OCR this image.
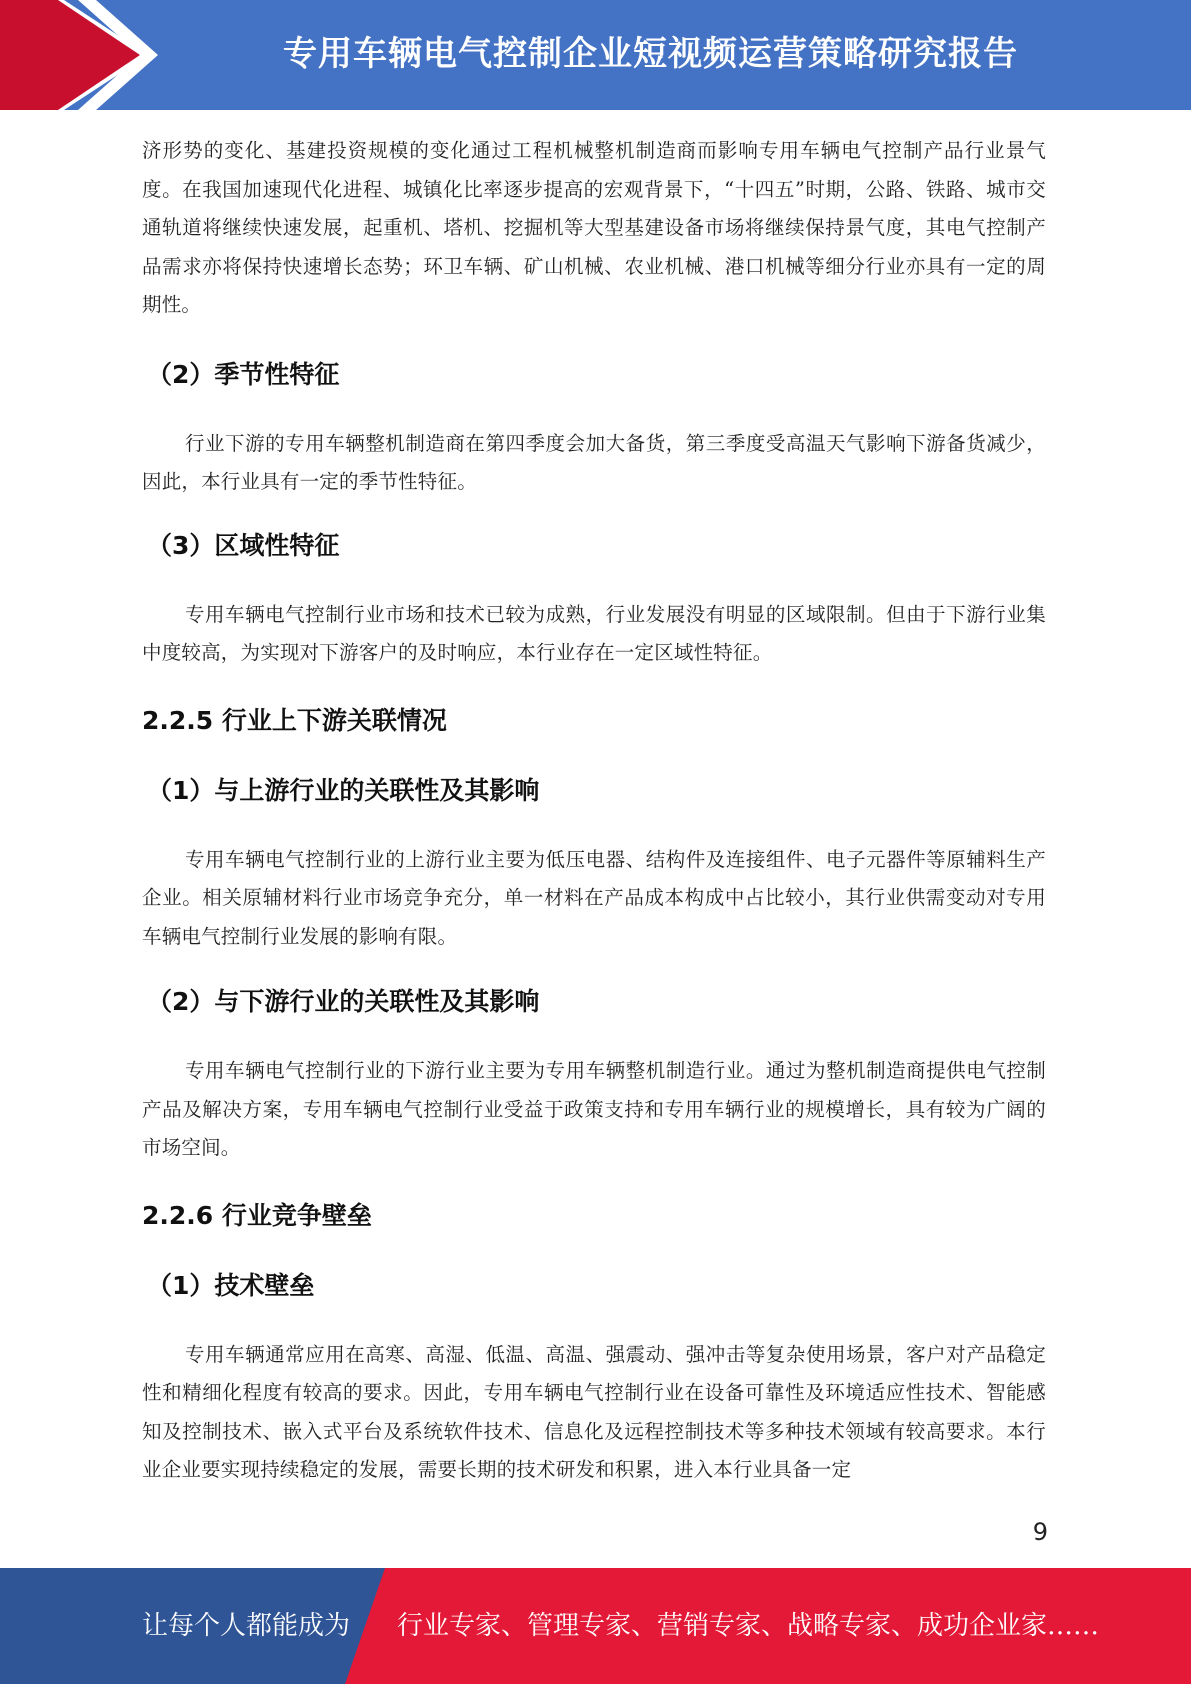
专用车辆电气控制企业短视频运营策略研究报告

济形势的变化、基建投资规模的变化通过工程机械整机制造商而影响专用车辆电气控制产品行业景气度。在我国加速现代化进程、城镇化比率逐步提高的宏观背景下，“十四五”时期，公路、铁路、城市交通轨道将继续快速发展，起重机、塔机、挖掘机等大型基建设备市场将继续保持景气度，其电气控制产品需求亦将保持快速增长态势；环卫车辆、矿山机械、农业机械、港口机械等细分行业亦具有一定的周期性。

（2）季节性特征

行业下游的专用车辆整机制造商在第四季度会加大备货，第三季度受高温天气影响下游备货减少，因此，本行业具有一定的季节性特征。

（3）区域性特征

专用车辆电气控制行业市场和技术已较为成熟，行业发展没有明显的区域限制。但由于下游行业集中度较高，为实现对下游客户的及时响应，本行业存在一定区域性特征。

2.2.5 行业上下游关联情况
（1）与上游行业的关联性及其影响

专用车辆电气控制行业的上游行业主要为低压电器、结构件及连接组件、电子元器件等原辅料生产企业。相关原辅材料行业市场竞争充分，单一材料在产品成本构成中占比较小，其行业供需变动对专用车辆电气控制行业发展的影响有限。

（2）与下游行业的关联性及其影响

专用车辆电气控制行业的下游行业主要为专用车辆整机制造行业。通过为整机制造商提供电气控制产品及解决方案，专用车辆电气控制行业受益于政策支持和专用车辆行业的规模增长，具有较为广阔的市场空间。

2.2.6 行业竞争壁垒
（1）技术壁垒

专用车辆通常应用在高寒、高湿、低温、高温、强震动、强冲击等复杂使用场景，客户对产品稳定性和精细化程度有较高的要求。因此，专用车辆电气控制行业在设备可靠性及环境适应性技术、智能感知及控制技术、嵌入式平台及系统软件技术、信息化及远程控制技术等多种技术领域有较高要求。本行业企业要实现持续稳定的发展，需要长期的技术研发和积累，进入本行业具备一定

9
让每个人都能成为 行业专家、管理专家、营销专家、战略专家、成功企业家……
